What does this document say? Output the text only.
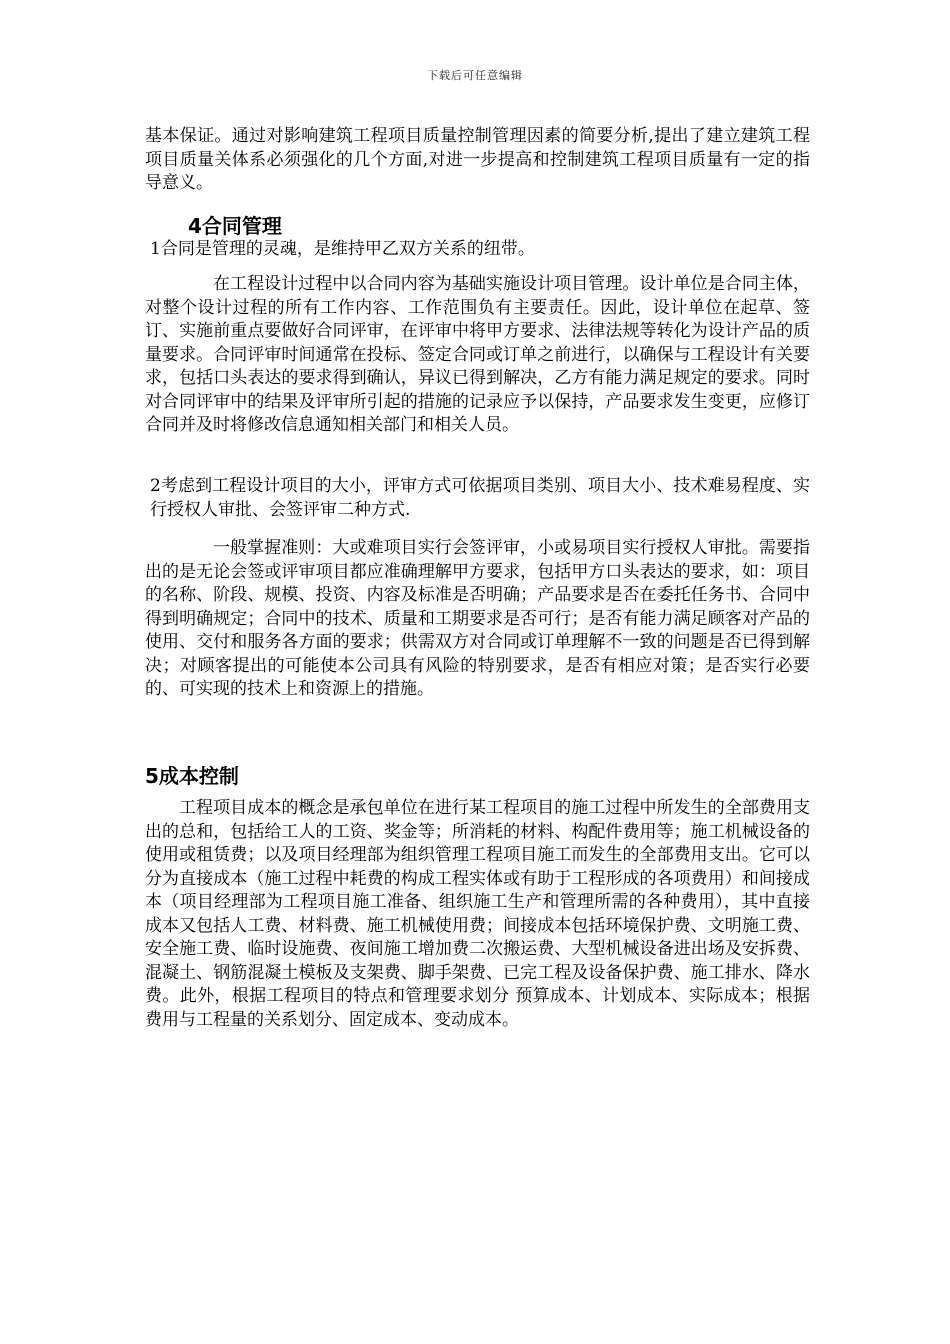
下载后可任意编辑

基本保证。通过对影响建筑工程项目质量控制管理因素的简要分析,提出了建立建筑工程项目质量关体系必须强化的几个方面,对进一步提高和控制建筑工程项目质量有一定的指导意义。

4合同管理

1合同是管理的灵魂，是维持甲乙双方关系的纽带。

在工程设计过程中以合同内容为基础实施设计项目管理。设计单位是合同主体，对整个设计过程的所有工作内容、工作范围负有主要责任。因此，设计单位在起草、签订、实施前重点要做好合同评审，在评审中将甲方要求、法律法规等转化为设计产品的质量要求。合同评审时间通常在投标、签定合同或订单之前进行，以确保与工程设计有关要求，包括口头表达的要求得到确认，异议已得到解决，乙方有能力满足规定的要求。同时对合同评审中的结果及评审所引起的措施的记录应予以保持，产品要求发生变更，应修订合同并及时将修改信息通知相关部门和相关人员。

2考虑到工程设计项目的大小，评审方式可依据项目类别、项目大小、技术难易程度、实行授权人审批、会签评审二种方式.

一般掌握准则：大或难项目实行会签评审，小或易项目实行授权人审批。需要指出的是无论会签或评审项目都应准确理解甲方要求，包括甲方口头表达的要求，如：项目的名称、阶段、规模、投资、内容及标准是否明确；产品要求是否在委托任务书、合同中得到明确规定；合同中的技术、质量和工期要求是否可行；是否有能力满足顾客对产品的使用、交付和服务各方面的要求；供需双方对合同或订单理解不一致的问题是否已得到解决；对顾客提出的可能使本公司具有风险的特别要求，是否有相应对策；是否实行必要的、可实现的技术上和资源上的措施。

5成本控制

工程项目成本的概念是承包单位在进行某工程项目的施工过程中所发生的全部费用支出的总和，包括给工人的工资、奖金等；所消耗的材料、构配件费用等；施工机械设备的使用或租赁费；以及项目经理部为组织管理工程项目施工而发生的全部费用支出。它可以分为直接成本（施工过程中耗费的构成工程实体或有助于工程形成的各项费用）和间接成本（项目经理部为工程项目施工准备、组织施工生产和管理所需的各种费用），其中直接成本又包括人工费、材料费、施工机械使用费；间接成本包括环境保护费、文明施工费、安全施工费、临时设施费、夜间施工增加费二次搬运费、大型机械设备进出场及安拆费、混凝土、钢筋混凝土模板及支架费、脚手架费、已完工程及设备保护费、施工排水、降水费。此外，根据工程项目的特点和管理要求划分 预算成本、计划成本、实际成本；根据费用与工程量的关系划分、固定成本、变动成本。
